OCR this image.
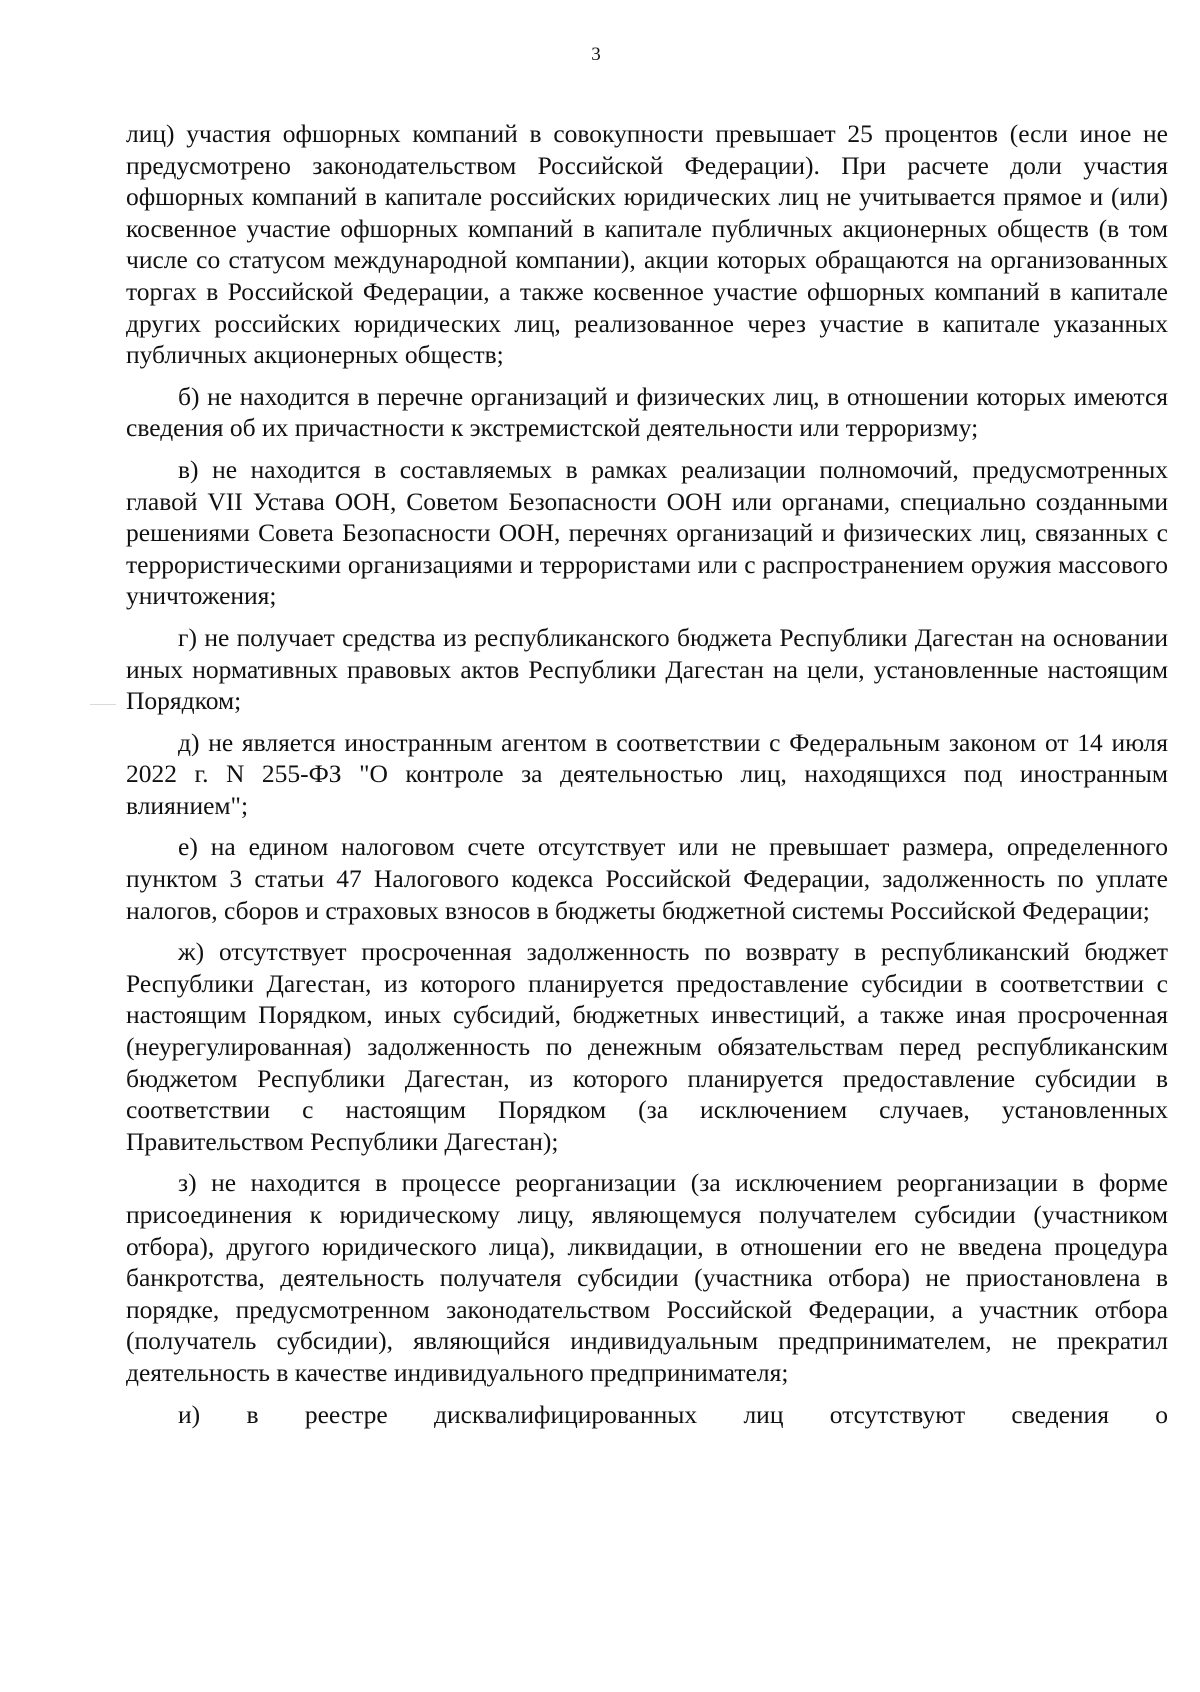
3

лиц) участия офшорных компаний в совокупности превышает 25 процентов (если иное не предусмотрено законодательством Российской Федерации). При расчете доли участия офшорных компаний в капитале российских юридических лиц не учитывается прямое и (или) косвенное участие офшорных компаний в капитале публичных акционерных обществ (в том числе со статусом международной компании), акции которых обращаются на организованных торгах в Российской Федерации, а также косвенное участие офшорных компаний в капитале других российских юридических лиц, реализованное через участие в капитале указанных публичных акционерных обществ;

б) не находится в перечне организаций и физических лиц, в отношении которых имеются сведения об их причастности к экстремистской деятельности или терроризму;

в) не находится в составляемых в рамках реализации полномочий, предусмотренных главой VII Устава ООН, Советом Безопасности ООН или органами, специально созданными решениями Совета Безопасности ООН, перечнях организаций и физических лиц, связанных с террористическими организациями и террористами или с распространением оружия массового уничтожения;

г) не получает средства из республиканского бюджета Республики Дагестан на основании иных нормативных правовых актов Республики Дагестан на цели, установленные настоящим Порядком;

д) не является иностранным агентом в соответствии с Федеральным законом от 14 июля 2022 г. N 255-ФЗ "О контроле за деятельностью лиц, находящихся под иностранным влиянием";

е) на едином налоговом счете отсутствует или не превышает размера, определенного пунктом 3 статьи 47 Налогового кодекса Российской Федерации, задолженность по уплате налогов, сборов и страховых взносов в бюджеты бюджетной системы Российской Федерации;

ж) отсутствует просроченная задолженность по возврату в республиканский бюджет Республики Дагестан, из которого планируется предоставление субсидии в соответствии с настоящим Порядком, иных субсидий, бюджетных инвестиций, а также иная просроченная (неурегулированная) задолженность по денежным обязательствам перед республиканским бюджетом Республики Дагестан, из которого планируется предоставление субсидии в соответствии с настоящим Порядком (за исключением случаев, установленных Правительством Республики Дагестан);

з) не находится в процессе реорганизации (за исключением реорганизации в форме присоединения к юридическому лицу, являющемуся получателем субсидии (участником отбора), другого юридического лица), ликвидации, в отношении его не введена процедура банкротства, деятельность получателя субсидии (участника отбора) не приостановлена в порядке, предусмотренном законодательством Российской Федерации, а участник отбора (получатель субсидии), являющийся индивидуальным предпринимателем, не прекратил деятельность в качестве индивидуального предпринимателя;

и) в реестре дисквалифицированных лиц отсутствуют сведения о
